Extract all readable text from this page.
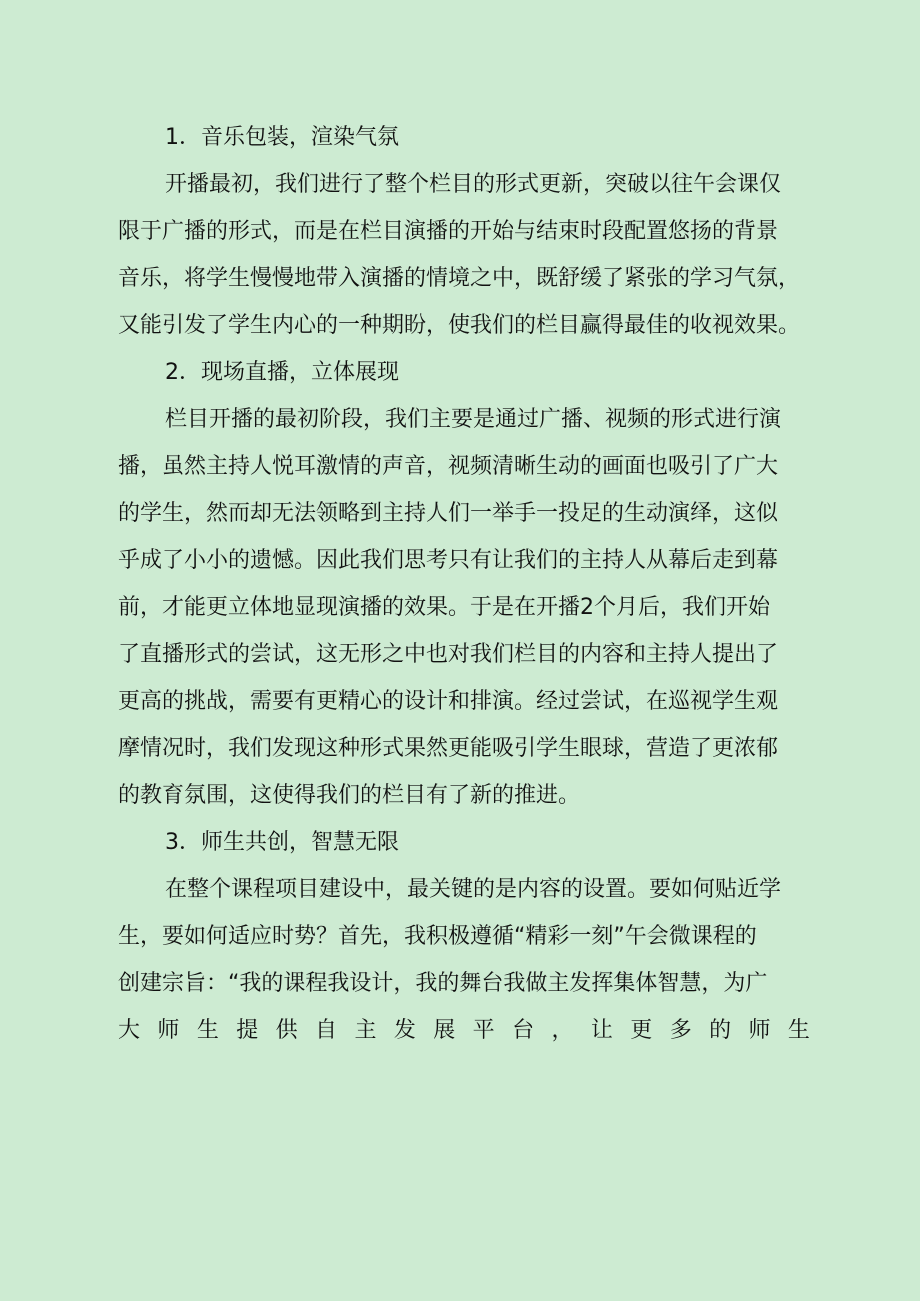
1．音乐包装，渲染气氛
开播最初，我们进行了整个栏目的形式更新，突破以往午会课仅
限于广播的形式，而是在栏目演播的开始与结束时段配置悠扬的背景
音乐，将学生慢慢地带入演播的情境之中，既舒缓了紧张的学习气氛，
又能引发了学生内心的一种期盼，使我们的栏目赢得最佳的收视效果。
2．现场直播，立体展现
栏目开播的最初阶段，我们主要是通过广播、视频的形式进行演
播，虽然主持人悦耳激情的声音，视频清晰生动的画面也吸引了广大
的学生，然而却无法领略到主持人们一举手一投足的生动演绎，这似
乎成了小小的遗憾。因此我们思考只有让我们的主持人从幕后走到幕
前，才能更立体地显现演播的效果。于是在开播2个月后，我们开始
了直播形式的尝试，这无形之中也对我们栏目的内容和主持人提出了
更高的挑战，需要有更精心的设计和排演。经过尝试，在巡视学生观
摩情况时，我们发现这种形式果然更能吸引学生眼球，营造了更浓郁
的教育氛围，这使得我们的栏目有了新的推进。
3．师生共创，智慧无限
在整个课程项目建设中，最关键的是内容的设置。要如何贴近学
生，要如何适应时势？首先，我积极遵循“精彩一刻”午会微课程的
创建宗旨：“我的课程我设计，我的舞台我做主发挥集体智慧，为广
大 师 生 提 供 自 主 发 展 平 台 ， 让 更 多 的 师 生
